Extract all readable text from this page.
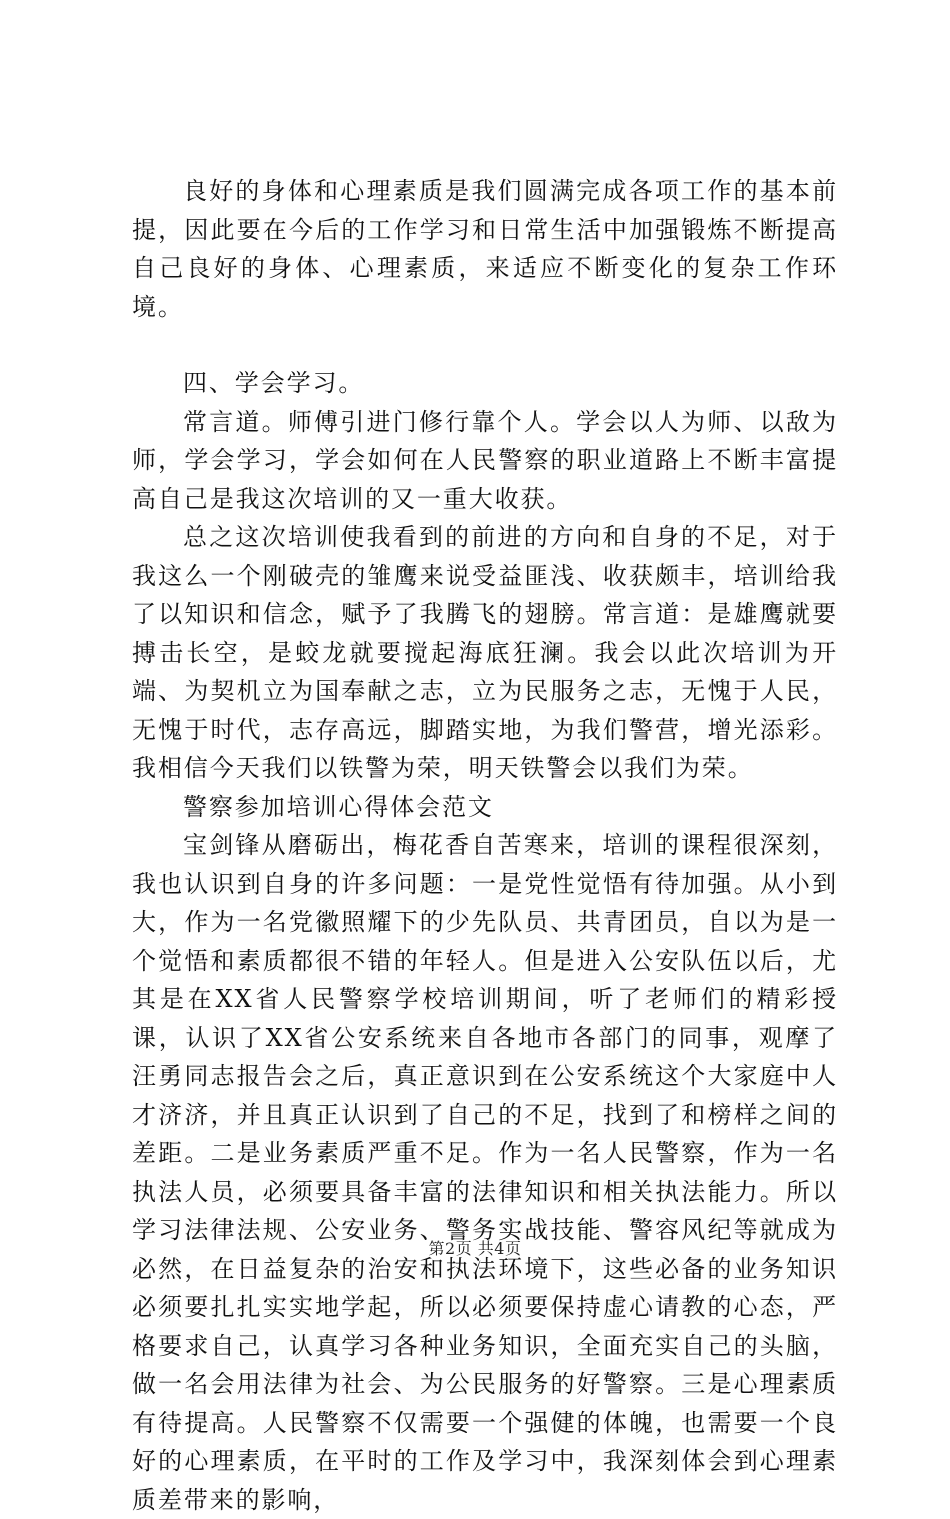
良好的身体和心理素质是我们圆满完成各项工作的基本前提，因此要在今后的工作学习和日常生活中加强锻炼不断提高自己良好的身体、心理素质，来适应不断变化的复杂工作环境。

四、学会学习。

常言道。师傅引进门修行靠个人。学会以人为师、以敌为师，学会学习，学会如何在人民警察的职业道路上不断丰富提高自己是我这次培训的又一重大收获。

总之这次培训使我看到的前进的方向和自身的不足，对于我这么一个刚破壳的雏鹰来说受益匪浅、收获颇丰，培训给我了以知识和信念，赋予了我腾飞的翅膀。常言道：是雄鹰就要搏击长空，是蛟龙就要搅起海底狂澜。我会以此次培训为开端、为契机立为国奉献之志，立为民服务之志，无愧于人民，无愧于时代，志存高远，脚踏实地，为我们警营，增光添彩。我相信今天我们以铁警为荣，明天铁警会以我们为荣。

警察参加培训心得体会范文

宝剑锋从磨砺出，梅花香自苦寒来，培训的课程很深刻，我也认识到自身的许多问题：一是党性觉悟有待加强。从小到大，作为一名党徽照耀下的少先队员、共青团员，自以为是一个觉悟和素质都很不错的年轻人。但是进入公安队伍以后，尤其是在XX省人民警察学校培训期间，听了老师们的精彩授课，认识了XX省公安系统来自各地市各部门的同事，观摩了汪勇同志报告会之后，真正意识到在公安系统这个大家庭中人才济济，并且真正认识到了自己的不足，找到了和榜样之间的差距。二是业务素质严重不足。作为一名人民警察，作为一名执法人员，必须要具备丰富的法律知识和相关执法能力。所以学习法律法规、公安业务、警务实战技能、警容风纪等就成为必然，在日益复杂的治安和执法环境下，这些必备的业务知识必须要扎扎实实地学起，所以必须要保持虚心请教的心态，严格要求自己，认真学习各种业务知识，全面充实自己的头脑，做一名会用法律为社会、为公民服务的好警察。三是心理素质有待提高。人民警察不仅需要一个强健的体魄，也需要一个良好的心理素质，在平时的工作及学习中，我深刻体会到心理素质差带来的影响，

第2页 共4页
